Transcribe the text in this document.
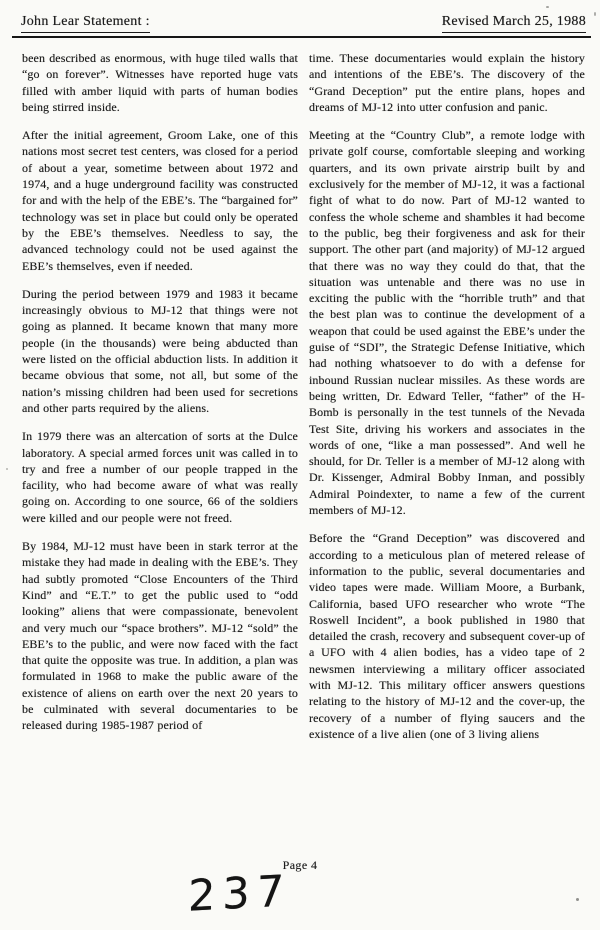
John Lear Statement :	Revised March 25, 1988

been described as enormous, with huge tiled walls that “go on forever”. Witnesses have reported huge vats filled with amber liquid with parts of human bodies being stirred inside.

After the initial agreement, Groom Lake, one of this nations most secret test centers, was closed for a period of about a year, sometime between about 1972 and 1974, and a huge underground facility was constructed for and with the help of the EBE’s. The “bargained for” technology was set in place but could only be operated by the EBE’s themselves. Needless to say, the advanced technology could not be used against the EBE’s themselves, even if needed.

During the period between 1979 and 1983 it became increasingly obvious to MJ-12 that things were not going as planned. It became known that many more people (in the thousands) were being abducted than were listed on the official abduction lists. In addition it became obvious that some, not all, but some of the nation’s missing children had been used for secretions and other parts required by the aliens.

In 1979 there was an altercation of sorts at the Dulce laboratory. A special armed forces unit was called in to try and free a number of our people trapped in the facility, who had become aware of what was really going on. According to one source, 66 of the soldiers were killed and our people were not freed.

By 1984, MJ-12 must have been in stark terror at the mistake they had made in dealing with the EBE’s. They had subtly promoted “Close Encounters of the Third Kind” and “E.T.” to get the public used to “odd looking” aliens that were compassionate, benevolent and very much our “space brothers”. MJ-12 “sold” the EBE’s to the public, and were now faced with the fact that quite the opposite was true. In addition, a plan was formulated in 1968 to make the public aware of the existence of aliens on earth over the next 20 years to be culminated with several documentaries to be released during 1985-1987 period of

time. These documentaries would explain the history and intentions of the EBE’s. The discovery of the “Grand Deception” put the entire plans, hopes and dreams of MJ-12 into utter confusion and panic.

Meeting at the “Country Club”, a remote lodge with private golf course, comfortable sleeping and working quarters, and its own private airstrip built by and exclusively for the member of MJ-12, it was a factional fight of what to do now. Part of MJ-12 wanted to confess the whole scheme and shambles it had become to the public, beg their forgiveness and ask for their support. The other part (and majority) of MJ-12 argued that there was no way they could do that, that the situation was untenable and there was no use in exciting the public with the “horrible truth” and that the best plan was to continue the development of a weapon that could be used against the EBE’s under the guise of “SDI”, the Strategic Defense Initiative, which had nothing whatsoever to do with a defense for inbound Russian nuclear missiles. As these words are being written, Dr. Edward Teller, “father” of the H-Bomb is personally in the test tunnels of the Nevada Test Site, driving his workers and associates in the words of one, “like a man possessed”. And well he should, for Dr. Teller is a member of MJ-12 along with Dr. Kissenger, Admiral Bobby Inman, and possibly Admiral Poindexter, to name a few of the current members of MJ-12.

Before the “Grand Deception” was discovered and according to a meticulous plan of metered release of information to the public, several documentaries and video tapes were made. William Moore, a Burbank, California, based UFO researcher who wrote “The Roswell Incident”, a book published in 1980 that detailed the crash, recovery and subsequent cover-up of a UFO with 4 alien bodies, has a video tape of 2 newsmen interviewing a military officer associated with MJ-12. This military officer answers questions relating to the history of MJ-12 and the cover-up, the recovery of a number of flying saucers and the existence of a live alien (one of 3 living aliens

Page 4
237
